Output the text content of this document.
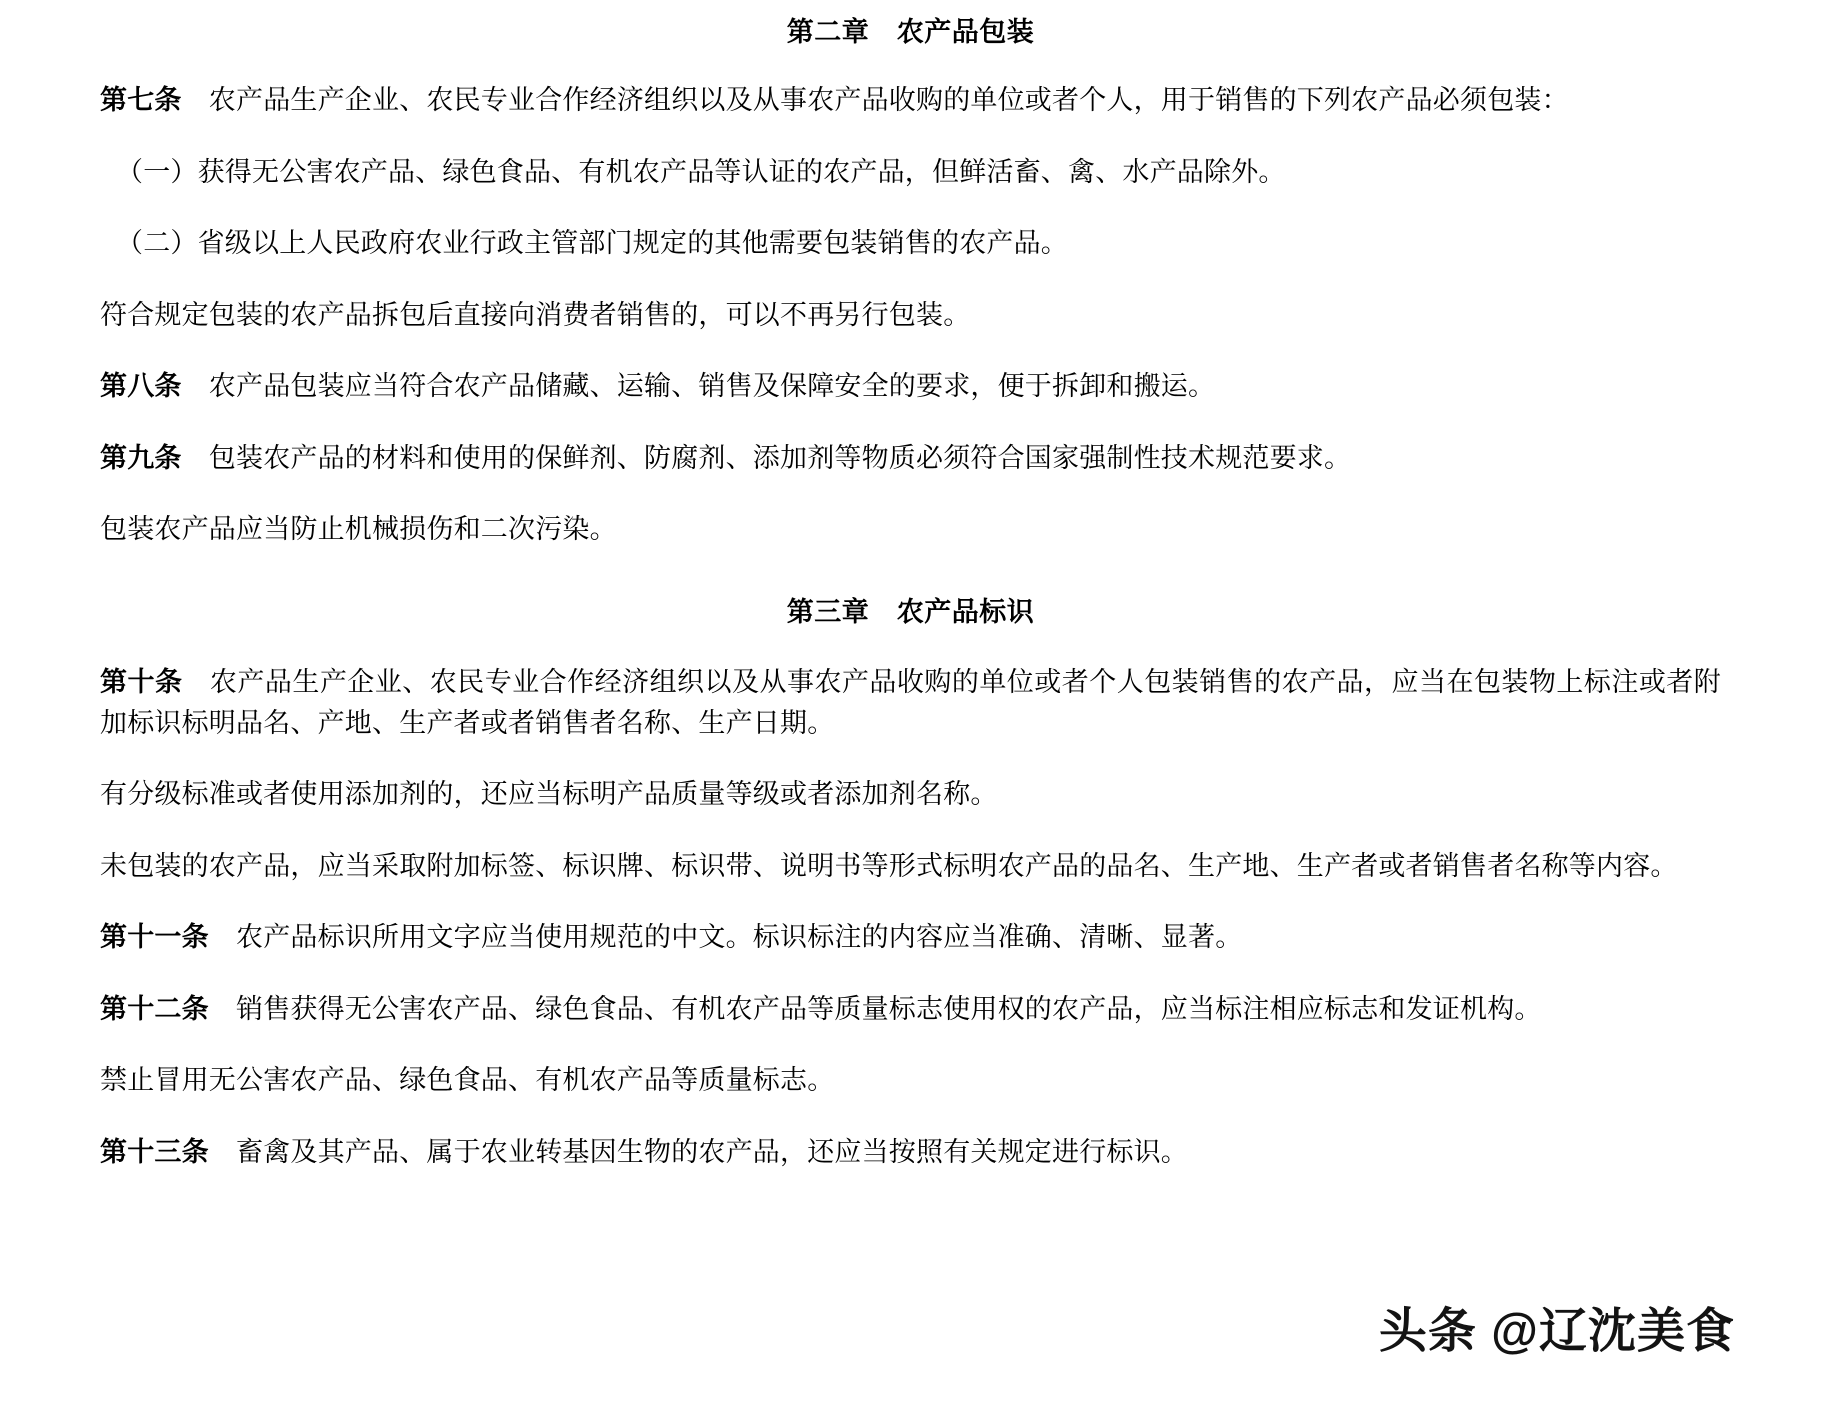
第二章　农产品包装

第七条　农产品生产企业、农民专业合作经济组织以及从事农产品收购的单位或者个人，用于销售的下列农产品必须包装：

（一）获得无公害农产品、绿色食品、有机农产品等认证的农产品，但鲜活畜、禽、水产品除外。

（二）省级以上人民政府农业行政主管部门规定的其他需要包装销售的农产品。

符合规定包装的农产品拆包后直接向消费者销售的，可以不再另行包装。

第八条　农产品包装应当符合农产品储藏、运输、销售及保障安全的要求，便于拆卸和搬运。

第九条　包装农产品的材料和使用的保鲜剂、防腐剂、添加剂等物质必须符合国家强制性技术规范要求。

包装农产品应当防止机械损伤和二次污染。

第三章　农产品标识

第十条　农产品生产企业、农民专业合作经济组织以及从事农产品收购的单位或者个人包装销售的农产品，应当在包装物上标注或者附加标识标明品名、产地、生产者或者销售者名称、生产日期。

有分级标准或者使用添加剂的，还应当标明产品质量等级或者添加剂名称。

未包装的农产品，应当采取附加标签、标识牌、标识带、说明书等形式标明农产品的品名、生产地、生产者或者销售者名称等内容。

第十一条　农产品标识所用文字应当使用规范的中文。标识标注的内容应当准确、清晰、显著。

第十二条　销售获得无公害农产品、绿色食品、有机农产品等质量标志使用权的农产品，应当标注相应标志和发证机构。

禁止冒用无公害农产品、绿色食品、有机农产品等质量标志。

第十三条　畜禽及其产品、属于农业转基因生物的农产品，还应当按照有关规定进行标识。

头条 @辽沈美食
